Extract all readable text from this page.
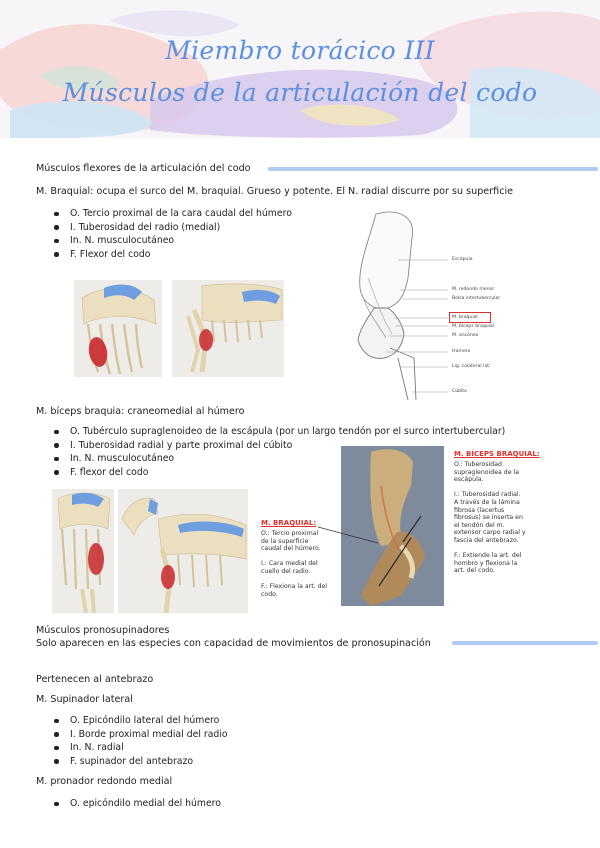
Miembro torácico III
Músculos de la articulación del codo
Músculos flexores de la articulación del codo
M. Braquial: ocupa el surco del M. braquial. Grueso y potente. El N. radial discurre por su superficie
O. Tercio proximal de la cara caudal del húmero
I. Tuberosidad del radio (medial)
In. N. musculocutáneo
F. Flexor del codo	Escápula
M. redondo menor
Bolsa intertubercular
M. braquial
M. bíceps braquial
M. ancóneo
Húmero
Lig. colateral lat.
Cúbito
M. bíceps braquia: craneomedial al húmero
O. Tubérculo supraglenoideo de la escápula (por un largo tendón por el surco intertubercular)
I. Tuberosidad radial y parte proximal del cúbito
In. N. musculocutáneo
F. flexor del codo
M. BRAQUIAL:
O.: Tercio proximal
de la superficie
caudal del húmero.

I.: Cara medial del
cuello del radio.

F.: Flexiona la art. del
codo.
M. BÍCEPS BRAQUIAL:
O.: Tuberosidad
supraglenoidea de la
escápula.

I.: Tuberosidad radial.
A través de la lámina
fibrosa (lacertus
fibrosus) se inserta en
el tendón del m.
extensor carpo radial y
fascia del antebrazo.

F.: Extiende la art. del
hombro y flexiona la
art. del codo.
Músculos pronosupinadores
Solo aparecen en las especies con capacidad de movimientos de pronosupinación
Pertenecen al antebrazo
M. Supinador lateral
O. Epicóndilo lateral del húmero
I. Borde proximal medial del radio
In. N. radial
F. supinador del antebrazo
M. pronador redondo medial
O. epicóndilo medial del húmero
